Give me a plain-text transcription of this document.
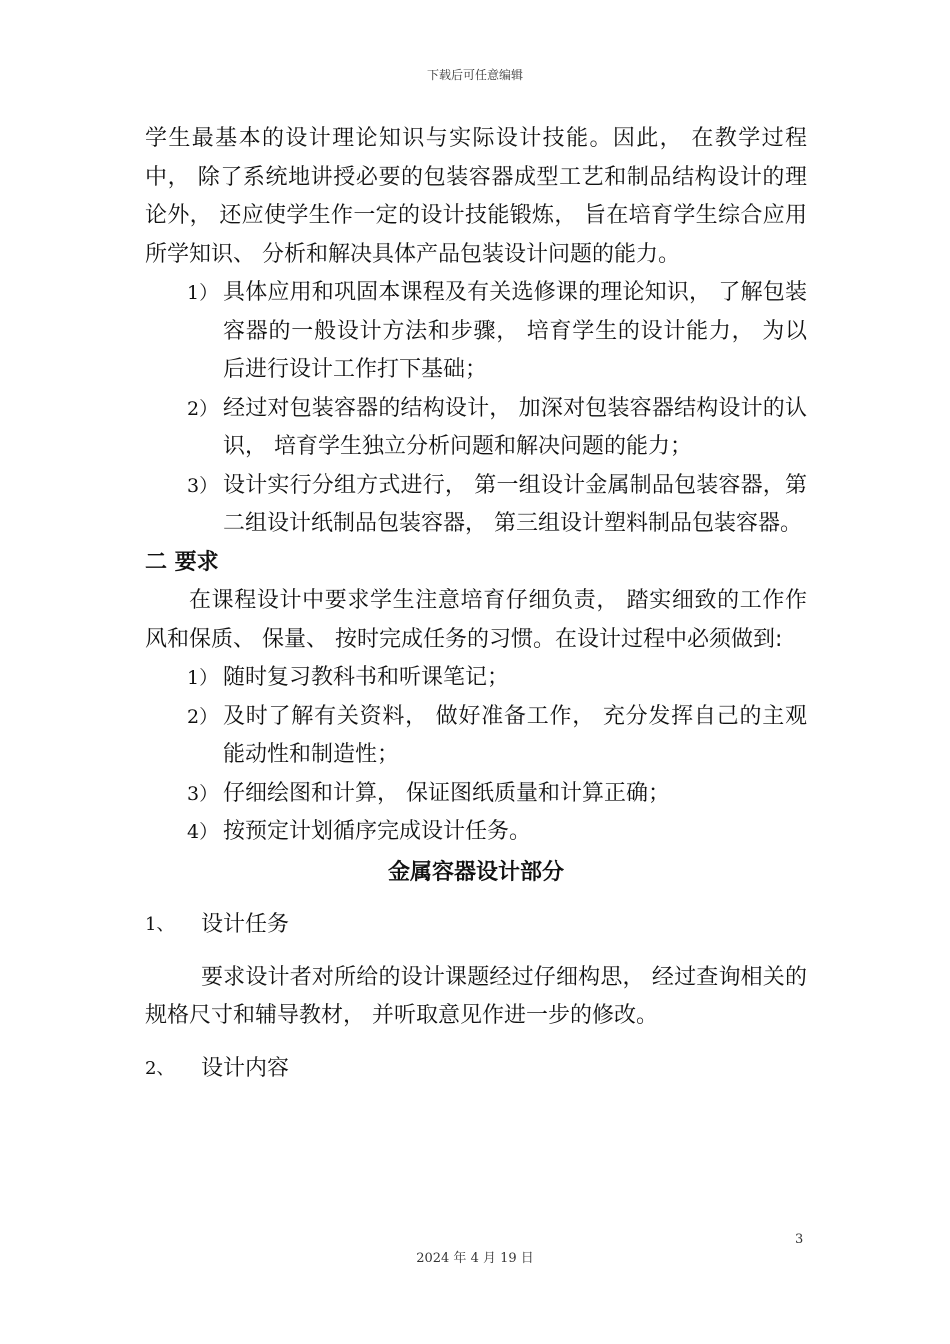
下载后可任意编辑

学生最基本的设计理论知识与实际设计技能。因此， 在教学过程中， 除了系统地讲授必要的包装容器成型工艺和制品结构设计的理论外， 还应使学生作一定的设计技能锻炼， 旨在培育学生综合应用所学知识、 分析和解决具体产品包装设计问题的能力。

1） 具体应用和巩固本课程及有关选修课的理论知识， 了解包装容器的一般设计方法和步骤， 培育学生的设计能力， 为以后进行设计工作打下基础；

2） 经过对包装容器的结构设计， 加深对包装容器结构设计的认识， 培育学生独立分析问题和解决问题的能力；

3） 设计实行分组方式进行， 第一组设计金属制品包装容器，第二组设计纸制品包装容器， 第三组设计塑料制品包装容器。

二 要求

在课程设计中要求学生注意培育仔细负责， 踏实细致的工作作风和保质、 保量、 按时完成任务的习惯。在设计过程中必须做到:

1） 随时复习教科书和听课笔记；

2） 及时了解有关资料， 做好准备工作， 充分发挥自己的主观能动性和制造性；

3） 仔细绘图和计算， 保证图纸质量和计算正确；

4） 按预定计划循序完成设计任务。

金属容器设计部分

1、 设计任务

要求设计者对所给的设计课题经过仔细构思， 经过查询相关的规格尺寸和辅导教材， 并听取意见作进一步的修改。

2、 设计内容

3
2024 年 4 月 19 日
